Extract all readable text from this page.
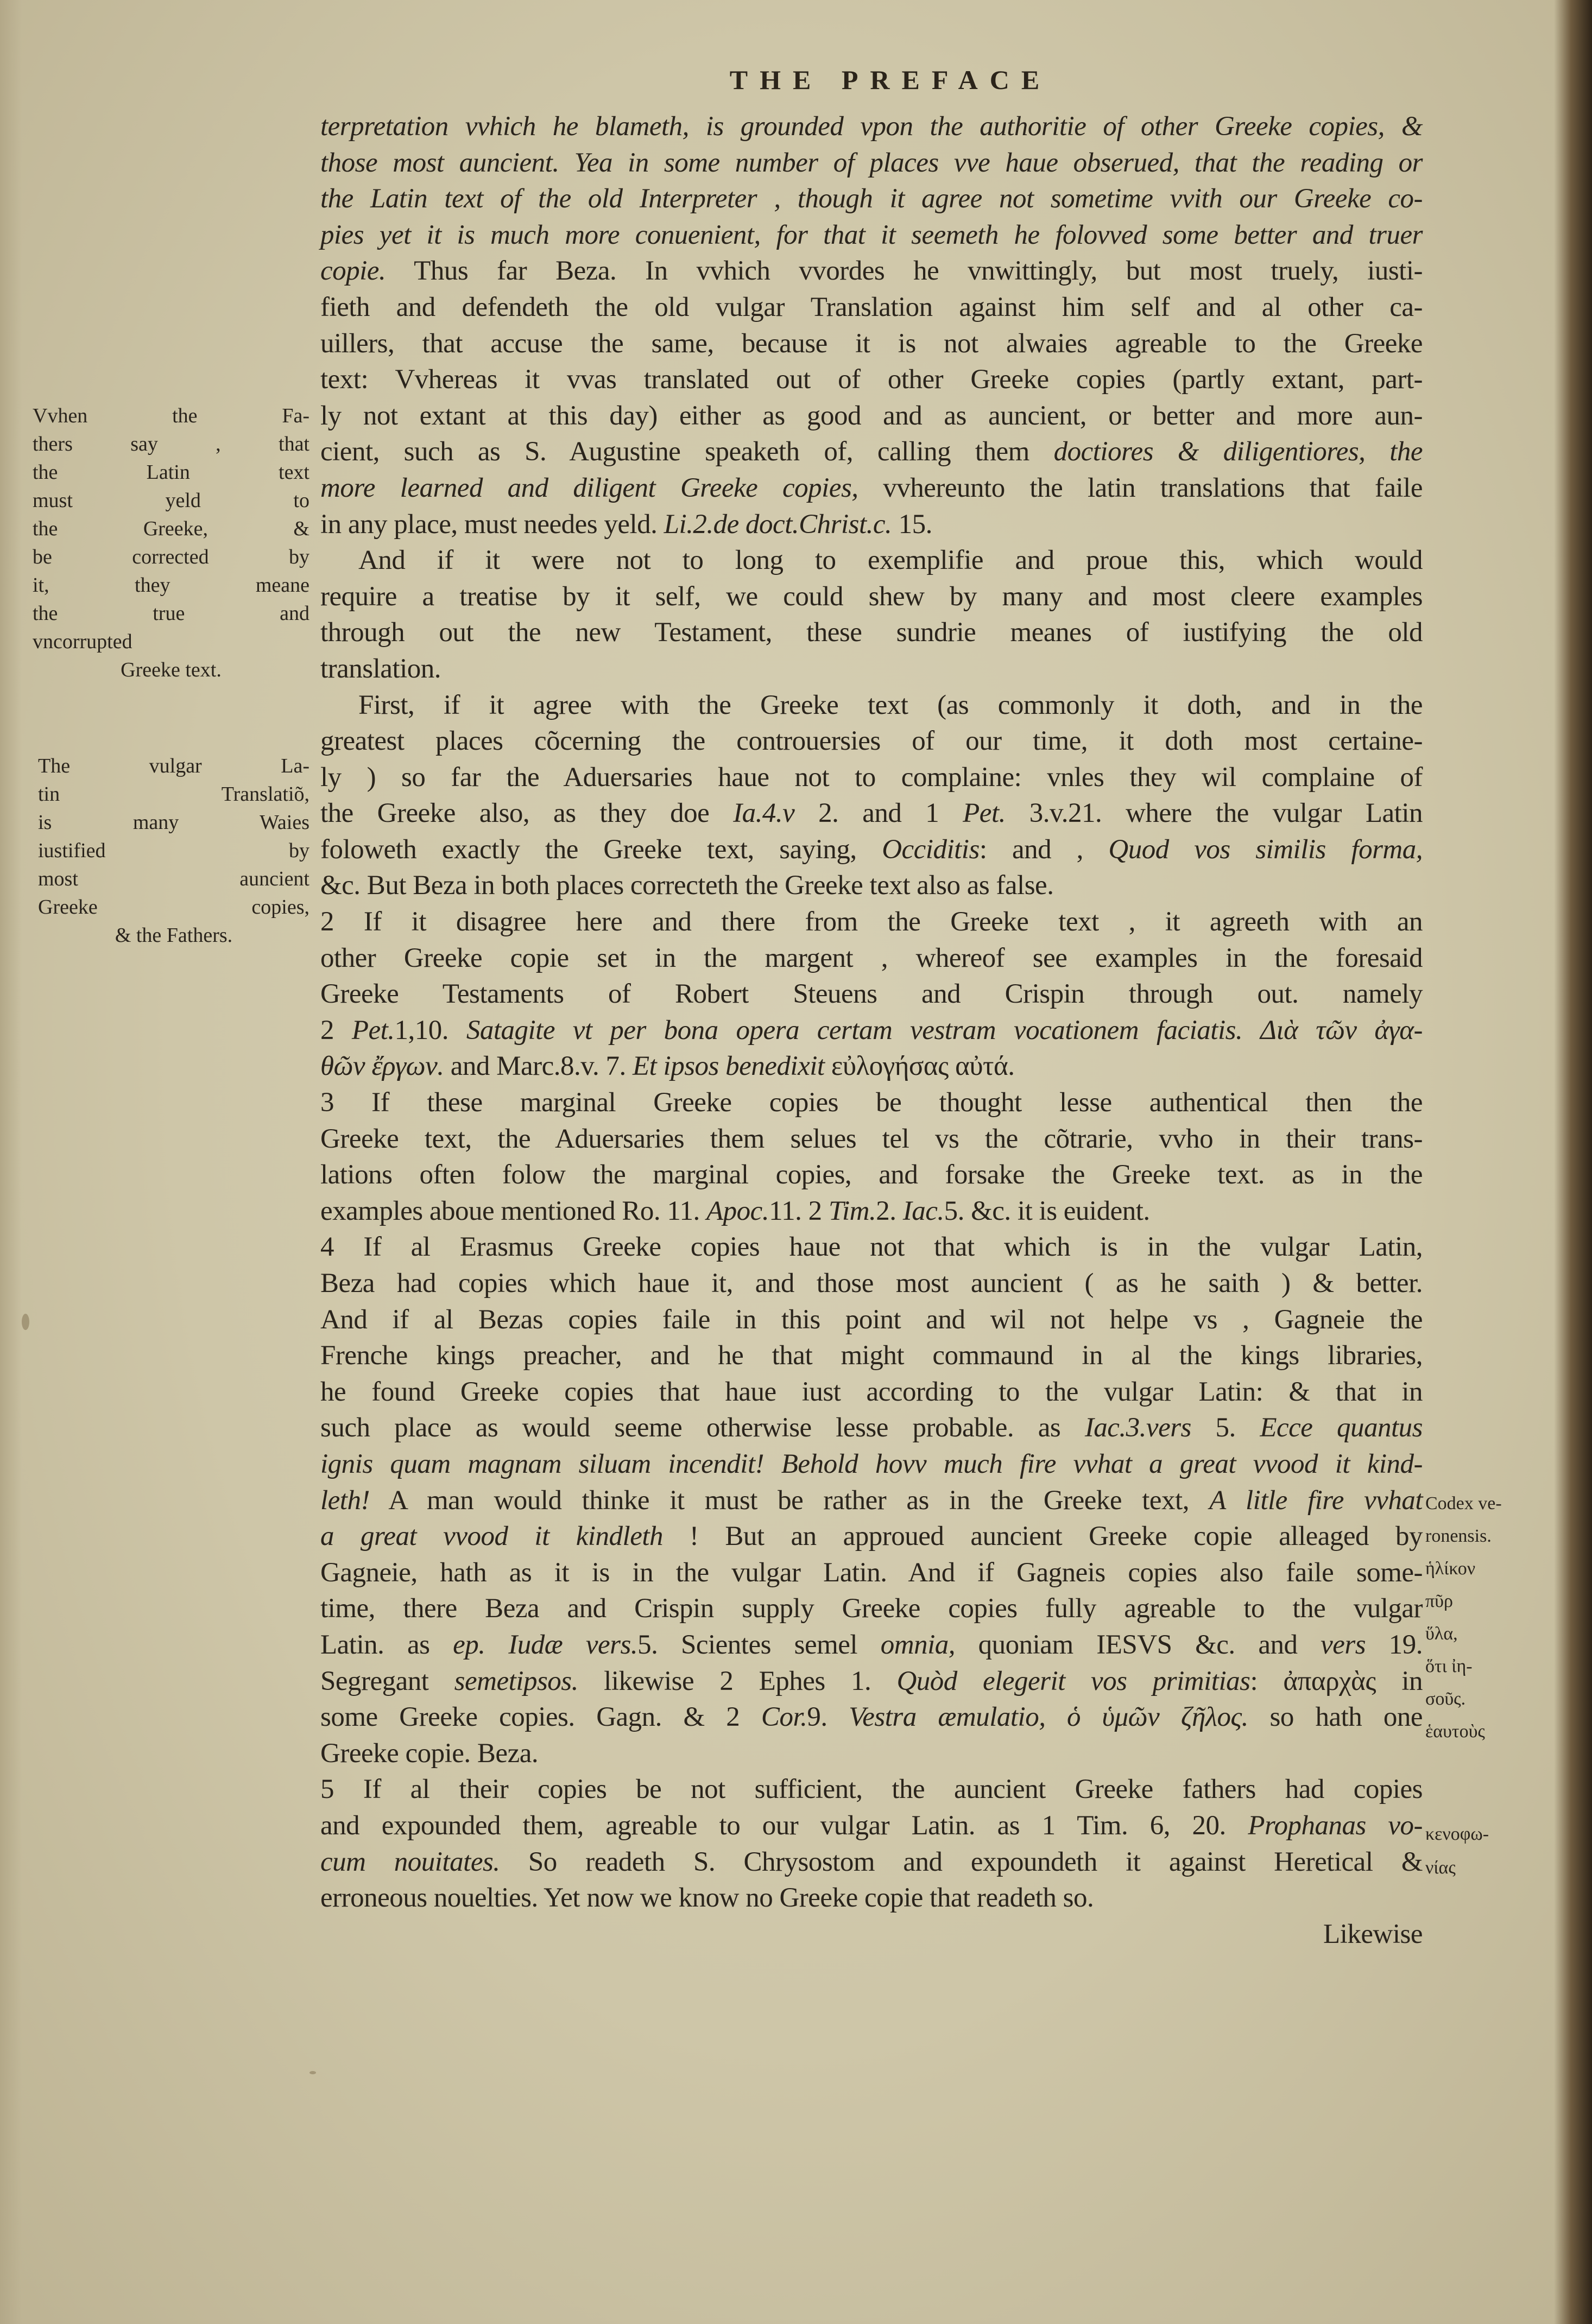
THE PREFACE
terpretation vvhich he blameth, is grounded vpon the authoritie of other Greeke copies, &
those most auncient. Yea in some number of places vve haue obserued, that the reading or
the Latin text of the old Interpreter , though it agree not sometime vvith our Greeke co-
pies yet it is much more conuenient, for that it seemeth he folovved some better and truer
copie. Thus far Beza. In vvhich vvordes he vnwittingly, but most truely, iusti-
fieth and defendeth the old vulgar Translation against him self and al other ca-
uillers, that accuse the same, because it is not alwaies agreable to the Greeke
text: Vvhereas it vvas translated out of other Greeke copies (partly extant, part-
ly not extant at this day) either as good and as auncient, or better and more aun-
cient, such as S. Augustine speaketh of, calling them doctiores & diligentiores, the
more learned and diligent Greeke copies, vvhereunto the latin translations that faile
in any place, must needes yeld. Li.2.de doct.Christ.c. 15.
And if it were not to long to exemplifie and proue this, which would
require a treatise by it self, we could shew by many and most cleere examples
through out the new Testament, these sundrie meanes of iustifying the old
translation.
First, if it agree with the Greeke text (as commonly it doth, and in the
greatest places cõcerning the controuersies of our time, it doth most certaine-
ly ) so far the Aduersaries haue not to complaine: vnles they wil complaine of
the Greeke also, as they doe Ia.4.v 2. and 1 Pet. 3.v.21. where the vulgar Latin
foloweth exactly the Greeke text, saying, Occiditis: and , Quod vos similis forma,
&c. But Beza in both places correcteth the Greeke text also as false.
2 If it disagree here and there from the Greeke text , it agreeth with an
other Greeke copie set in the margent , whereof see examples in the foresaid
Greeke Testaments of Robert Steuens and Crispin through out. namely
2 Pet.1,10. Satagite vt per bona opera certam vestram vocationem faciatis. Διὰ τῶν ἀγα-
θῶν ἔργων. and Marc.8.v. 7. Et ipsos benedixit εὐλογήσας αὐτά.
3 If these marginal Greeke copies be thought lesse authentical then the
Greeke text, the Aduersaries them selues tel vs the cõtrarie, vvho in their trans-
lations often folow the marginal copies, and forsake the Greeke text. as in the
examples aboue mentioned Ro. 11. Apoc.11. 2 Tim.2. Iac.5. &c. it is euident.
4 If al Erasmus Greeke copies haue not that which is in the vulgar Latin,
Beza had copies which haue it, and those most auncient ( as he saith ) & better.
And if al Bezas copies faile in this point and wil not helpe vs , Gagneie the
Frenche kings preacher, and he that might commaund in al the kings libraries,
he found Greeke copies that haue iust according to the vulgar Latin: & that in
such place as would seeme otherwise lesse probable. as Iac.3.vers 5. Ecce quantus
ignis quam magnam siluam incendit! Behold hovv much fire vvhat a great vvood it kind-
leth! A man would thinke it must be rather as in the Greeke text, A litle fire vvhat
a great vvood it kindleth ! But an approued auncient Greeke copie alleaged by
Gagneie, hath as it is in the vulgar Latin. And if Gagneis copies also faile some-
time, there Beza and Crispin supply Greeke copies fully agreable to the vulgar
Latin. as ep. Iudæ vers.5. Scientes semel omnia, quoniam IESVS &c. and vers 19.
Segregant semetipsos. likewise 2 Ephes 1. Quòd elegerit vos primitias: ἀπαρχὰς in
some Greeke copies. Gagn. & 2 Cor.9. Vestra æmulatio, ὁ ὑμῶν ζῆλος. so hath one
Greeke copie. Beza.
5 If al their copies be not sufficient, the auncient Greeke fathers had copies
and expounded them, agreable to our vulgar Latin. as 1 Tim. 6, 20. Prophanas vo-
cum nouitates. So readeth S. Chrysostom and expoundeth it against Heretical &
erroneous nouelties. Yet now we know no Greeke copie that readeth so.
Likewise
Vvhen the Fa-
thers say , that
the Latin text
must yeld to
the Greeke, &
be corrected by
it, they meane
the true and
vncorrupted
Greeke text.
The vulgar La-
tin Translatiõ,
is many Waies
iustified by
most auncient
Greeke copies,
& the Fathers.
Codex ve-
ronensis.
ἡλίκον
πῦρ
ὕλα,
ὅτι ἰη-
σοῦς.
ἑαυτοὺς
κενοφω-
νίας
